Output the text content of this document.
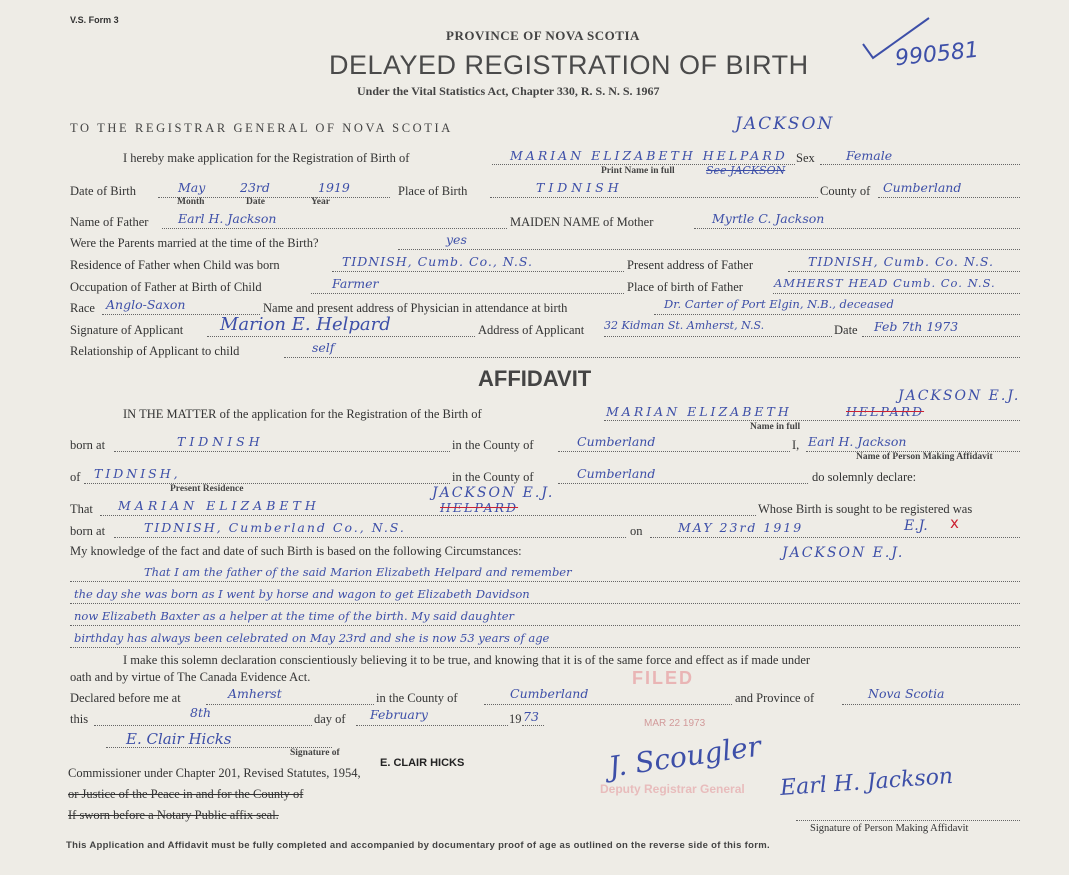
V.S. Form 3
PROVINCE OF NOVA SCOTIA
DELAYED REGISTRATION OF BIRTH
Under the Vital Statistics Act, Chapter 330, R. S. N. S. 1967
990581
TO THE REGISTRAR GENERAL OF NOVA SCOTIA	JACKSON
I hereby make application for the Registration of Birth of	MARIAN ELIZABETH HELPARD Sex	Female
Print Name in full	See JACKSON
Date of Birth	May	23rd	1919
Month	Date	Year
Place of Birth	TIDNISH	County of Cumberland
Name of Father Earl H. Jackson	MAIDEN NAME of Mother	Myrtle C. Jackson
Were the Parents married at the time of the Birth?	yes
Residence of Father when Child was born	TIDNISH, Cumb. Co., N.S.	Present address of Father	TIDNISH, Cumb. Co. N.S.
Occupation of Father at Birth of Child	Farmer	Place of birth of Father	AMHERST HEAD Cumb. Co. N.S.
Race Anglo-Saxon	Name and present address of Physician in attendance at birth	Dr. Carter of Port Elgin, N.B., deceased
Signature of Applicant Marion E. Helpard	Address of Applicant 32 Kidman St. Amherst, N.S.	Date Feb 7th 1973
Relationship of Applicant to child	self
AFFIDAVIT
JACKSON E.J.
IN THE MATTER of the application for the Registration of the Birth of	MARIAN ELIZABETH	HELPARD
Name in full
born at	TIDNISH	in the County of	Cumberland	I, Earl H. Jackson
Name of Person Making Affidavit
of TIDNISH,
Present Residence
in the County of	Cumberland	do solemnly declare:
JACKSON E.J.
That MARIAN ELIZABETH	HELPARD	Whose Birth is sought to be registered was
born at	TIDNISH, Cumberland Co., N.S.	on	MAY 23rd 1919	E.J. x
My knowledge of the fact and date of such Birth is based on the following Circumstances:	JACKSON E.J.
That I am the father of the said Marion Elizabeth Helpard and remember
the day she was born as I went by horse and wagon to get Elizabeth Davidson
now Elizabeth Baxter as a helper at the time of the birth. My said daughter
birthday has always been celebrated on May 23rd and she is now 53 years of age
I make this solemn declaration conscientiously believing it to be true, and knowing that it is of the same force and effect as if made under
oath and by virtue of The Canada Evidence Act.	FILED
MAR 22 1973
Deputy Registrar General
J. Scougler
Declared before me at	Amherst	in the County of	Cumberland	and Province of	Nova Scotia
this	8th	day of February	19 73
E. Clair Hicks
Signature of
E. CLAIR HICKS
Commissioner under Chapter 201, Revised Statutes, 1954,
or Justice of the Peace in and for the County of
If sworn before a Notary Public affix seal.
Earl H. Jackson
Signature of Person Making Affidavit
This Application and Affidavit must be fully completed and accompanied by documentary proof of age as outlined on the reverse side of this form.
